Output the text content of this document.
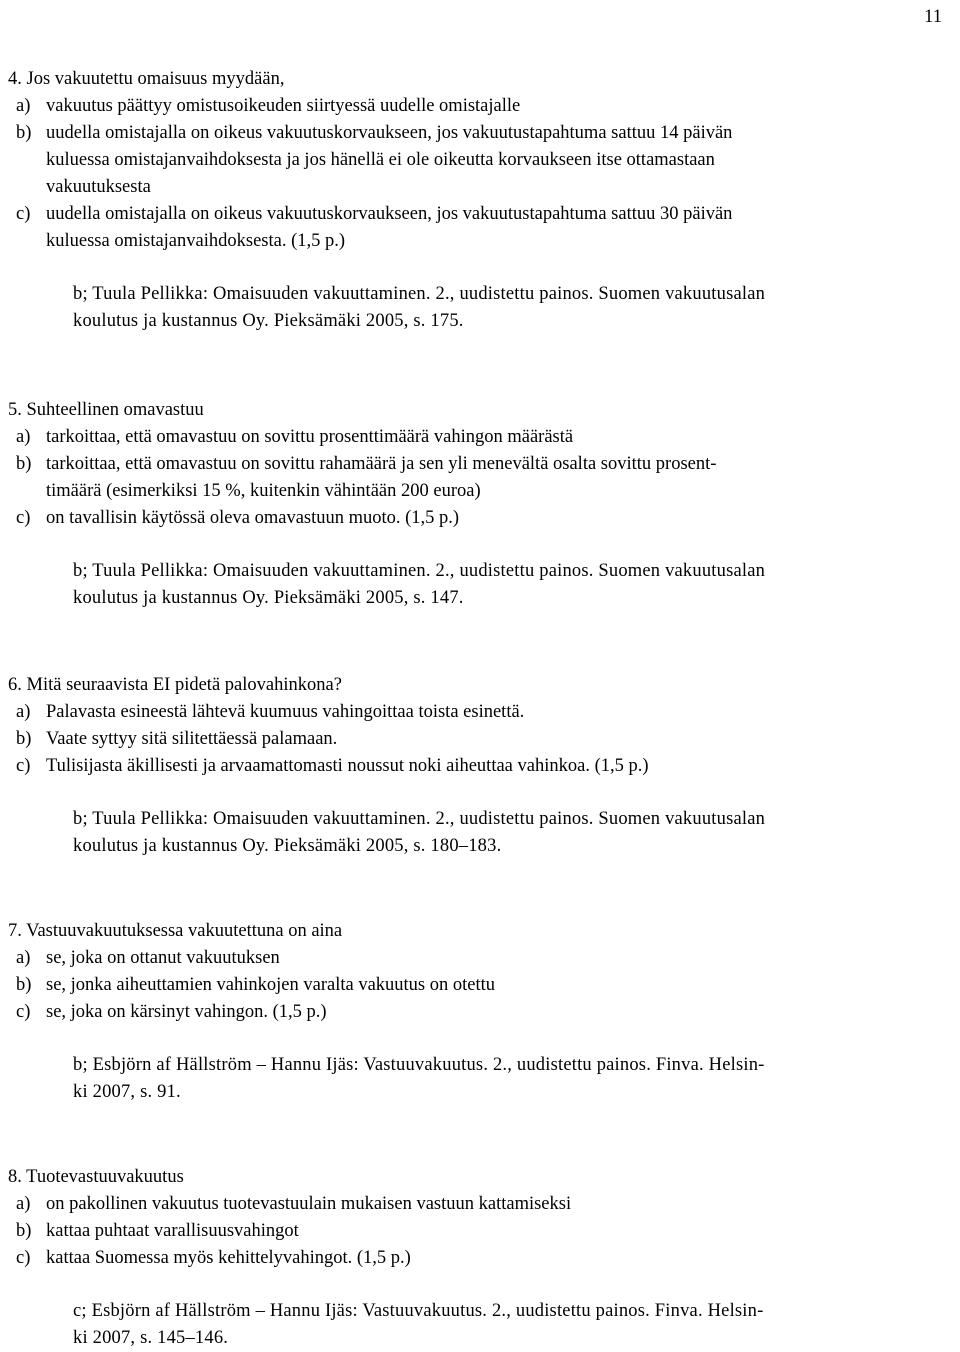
11
4. Jos vakuutettu omaisuus myydään,
a) vakuutus päättyy omistusoikeuden siirtyessä uudelle omistajalle
b) uudella omistajalla on oikeus vakuutuskorvaukseen, jos vakuutustapahtuma sattuu 14 päivän
kuluessa omistajanvaihdoksesta ja jos hänellä ei ole oikeutta korvaukseen itse ottamastaan
vakuutuksesta
c) uudella omistajalla on oikeus vakuutuskorvaukseen, jos vakuutustapahtuma sattuu 30 päivän
kuluessa omistajanvaihdoksesta. (1,5 p.)
b; Tuula Pellikka: Omaisuuden vakuuttaminen. 2., uudistettu painos. Suomen vakuutusalan
koulutus ja kustannus Oy. Pieksämäki 2005, s. 175.
5. Suhteellinen omavastuu
a) tarkoittaa, että omavastuu on sovittu prosenttimäärä vahingon määrästä
b) tarkoittaa, että omavastuu on sovittu rahamäärä ja sen yli menevältä osalta sovittu prosent-
timäärä (esimerkiksi 15 %, kuitenkin vähintään 200 euroa)
c) on tavallisin käytössä oleva omavastuun muoto. (1,5 p.)
b; Tuula Pellikka: Omaisuuden vakuuttaminen. 2., uudistettu painos. Suomen vakuutusalan
koulutus ja kustannus Oy. Pieksämäki 2005, s. 147.
6. Mitä seuraavista EI pidetä palovahinkona?
a) Palavasta esineestä lähtevä kuumuus vahingoittaa toista esinettä.
b) Vaate syttyy sitä silitettäessä palamaan.
c) Tulisijasta äkillisesti ja arvaamattomasti noussut noki aiheuttaa vahinkoa. (1,5 p.)
b; Tuula Pellikka: Omaisuuden vakuuttaminen. 2., uudistettu painos. Suomen vakuutusalan
koulutus ja kustannus Oy. Pieksämäki 2005, s. 180–183.
7. Vastuuvakuutuksessa vakuutettuna on aina
a) se, joka on ottanut vakuutuksen
b) se, jonka aiheuttamien vahinkojen varalta vakuutus on otettu
c) se, joka on kärsinyt vahingon. (1,5 p.)
b; Esbjörn af Hällström – Hannu Ijäs: Vastuuvakuutus. 2., uudistettu painos. Finva. Helsin-
ki 2007, s. 91.
8. Tuotevastuuvakuutus
a) on pakollinen vakuutus tuotevastuulain mukaisen vastuun kattamiseksi
b) kattaa puhtaat varallisuusvahingot
c) kattaa Suomessa myös kehittelyvahingot. (1,5 p.)
c; Esbjörn af Hällström – Hannu Ijäs: Vastuuvakuutus. 2., uudistettu painos. Finva. Helsin-
ki 2007, s. 145–146.
